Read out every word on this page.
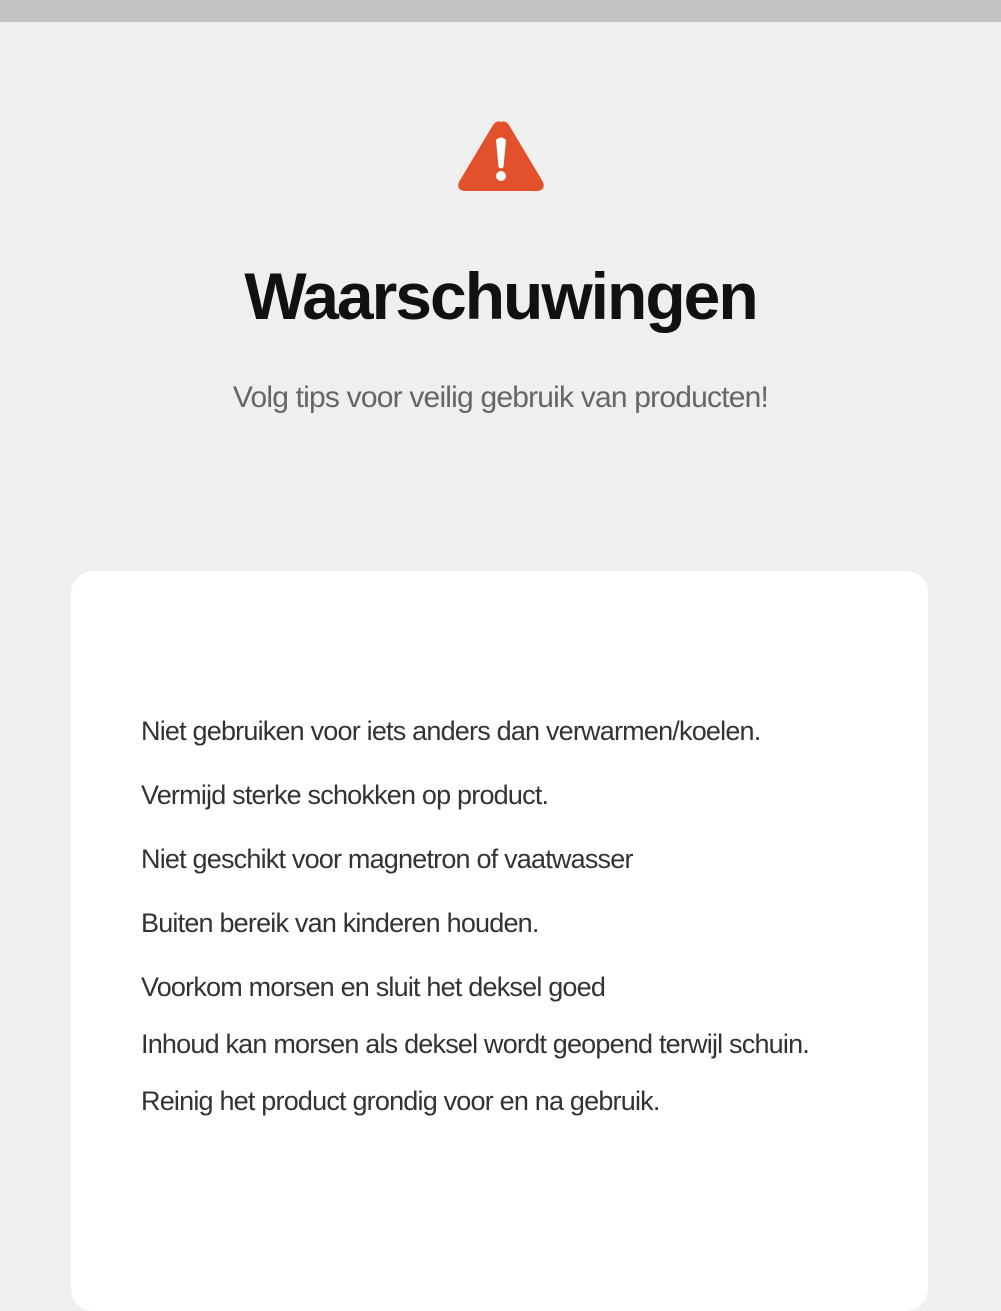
Waarschuwingen
Volg tips voor veilig gebruik van producten!
Niet gebruiken voor iets anders dan verwarmen/koelen.
Vermijd sterke schokken op product.
Niet geschikt voor magnetron of vaatwasser
Buiten bereik van kinderen houden.
Voorkom morsen en sluit het deksel goed
Inhoud kan morsen als deksel wordt geopend terwijl schuin.
Reinig het product grondig voor en na gebruik.
